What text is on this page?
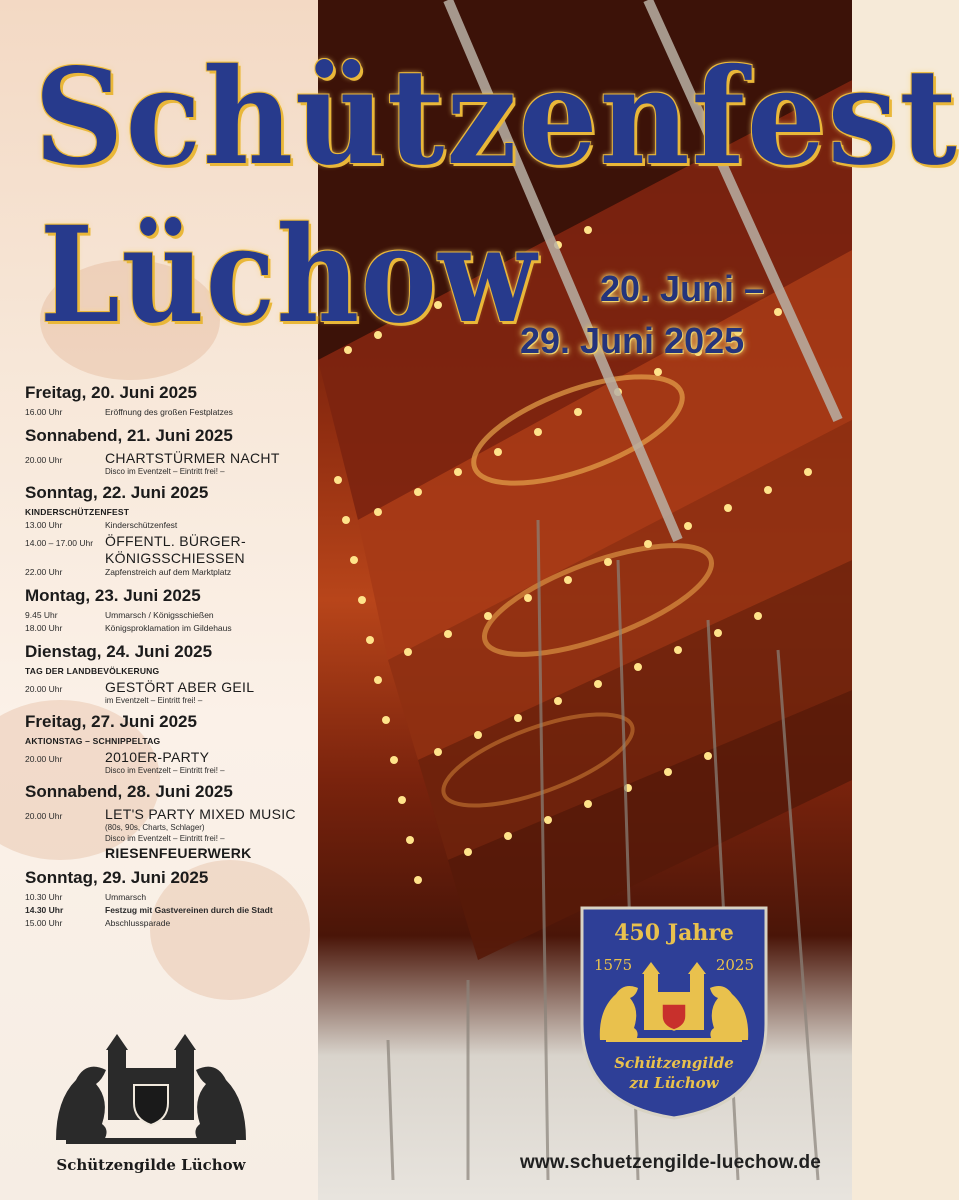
Schützenfest
Lüchow 20. Juni –
29. Juni 2025
Freitag, 20. Juni 2025
16.00 Uhr	Eröffnung des großen Festplatzes
Sonnabend, 21. Juni 2025
20.00 Uhr	CHARTSTÜRMER NACHT
Disco im Eventzelt – Eintritt frei! –
Sonntag, 22. Juni 2025
KINDERSCHÜTZENFEST
13.00 Uhr	Kinderschützenfest
14.00 – 17.00 Uhr ÖFFENTL. BÜRGER-
KÖNIGSSCHIESSEN
22.00 Uhr	Zapfenstreich auf dem Marktplatz
Montag, 23. Juni 2025
9.45 Uhr	Ummarsch / Königsschießen
18.00 Uhr	Königsproklamation im Gildehaus
Dienstag, 24. Juni 2025
TAG DER LANDBEVÖLKERUNG
20.00 Uhr	GESTÖRT ABER GEIL
im Eventzelt – Eintritt frei! –
Freitag, 27. Juni 2025
AKTIONSTAG – SCHNIPPELTAG
20.00 Uhr	2010ER-PARTY
Disco im Eventzelt – Eintritt frei! –
Sonnabend, 28. Juni 2025
20.00 Uhr	LET'S PARTY MIXED MUSIC
(80s, 90s, Charts, Schlager)
Disco im Eventzelt – Eintritt frei! –
RIESENFEUERWERK
Sonntag, 29. Juni 2025
10.30 Uhr	Ummarsch
14.30 Uhr	Festzug mit Gastvereinen durch die Stadt
15.00 Uhr	Abschlussparade
Schützengilde Lüchow
450 Jahre
1575	2025
Schützengilde
zu Lüchow
www.schuetzengilde-luechow.de
